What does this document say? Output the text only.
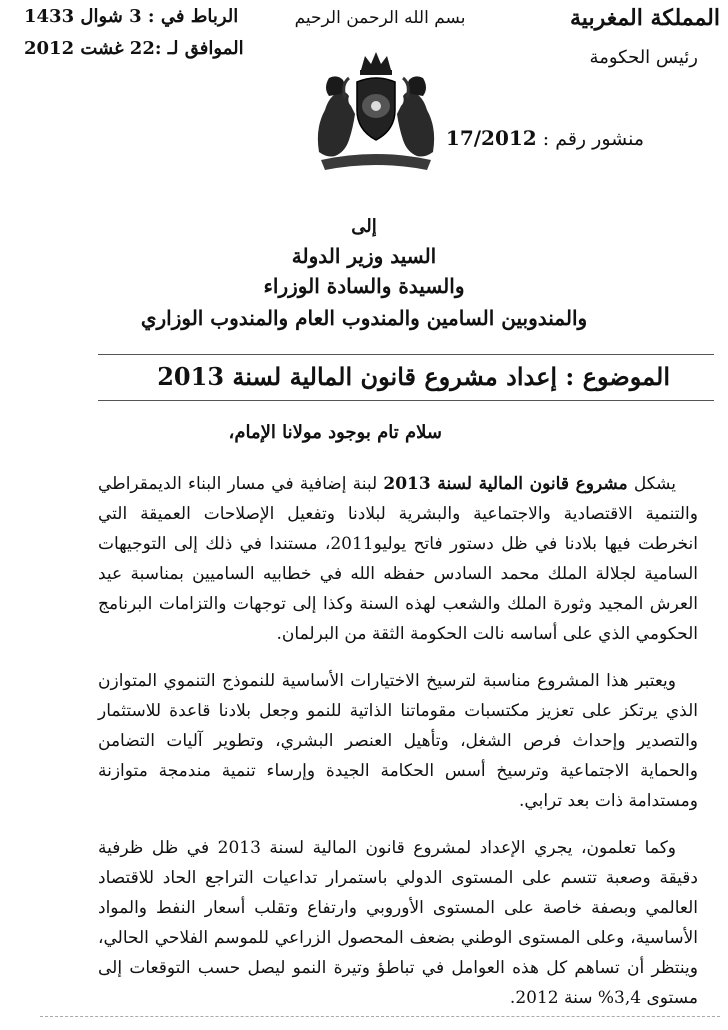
المملكة المغربية
رئيس الحكومة
بسم الله الرحمن الرحيم
الرباط في : 3 شوال 1433
الموافق لـ :22 غشت 2012
منشور رقم : 17/2012
إلى
السيد وزير الدولة
والسيدة والسادة الوزراء
والمندوبين السامين والمندوب العام والمندوب الوزاري
الموضوع : إعداد مشروع قانون المالية لسنة 2013
سلام تام بوجود مولانا الإمام،

يشكل مشروع قانون المالية لسنة 2013 لبنة إضافية في مسار البناء الديمقراطي والتنمية الاقتصادية والاجتماعية والبشرية لبلادنا وتفعيل الإصلاحات العميقة التي انخرطت فيها بلادنا في ظل دستور فاتح يوليو2011، مستندا في ذلك إلى التوجيهات السامية لجلالة الملك محمد السادس حفظه الله في خطابيه الساميين بمناسبة عيد العرش المجيد وثورة الملك والشعب لهذه السنة وكذا إلى توجهات والتزامات البرنامج الحكومي الذي على أساسه نالت الحكومة الثقة من البرلمان.

ويعتبر هذا المشروع مناسبة لترسيخ الاختيارات الأساسية للنموذج التنموي المتوازن الذي يرتكز على تعزيز مكتسبات مقوماتنا الذاتية للنمو وجعل بلادنا قاعدة للاستثمار والتصدير وإحداث فرص الشغل، وتأهيل العنصر البشري، وتطوير آليات التضامن والحماية الاجتماعية وترسيخ أسس الحكامة الجيدة وإرساء تنمية مندمجة متوازنة ومستدامة ذات بعد ترابي.

وكما تعلمون، يجري الإعداد لمشروع قانون المالية لسنة 2013 في ظل ظرفية دقيقة وصعبة تتسم على المستوى الدولي باستمرار تداعيات التراجع الحاد للاقتصاد العالمي وبصفة خاصة على المستوى الأوروبي وارتفاع وتقلب أسعار النفط والمواد الأساسية، وعلى المستوى الوطني بضعف المحصول الزراعي للموسم الفلاحي الحالي، وينتظر أن تساهم كل هذه العوامل في تباطؤ وتيرة النمو ليصل حسب التوقعات إلى مستوى 3,4% سنة 2012.
